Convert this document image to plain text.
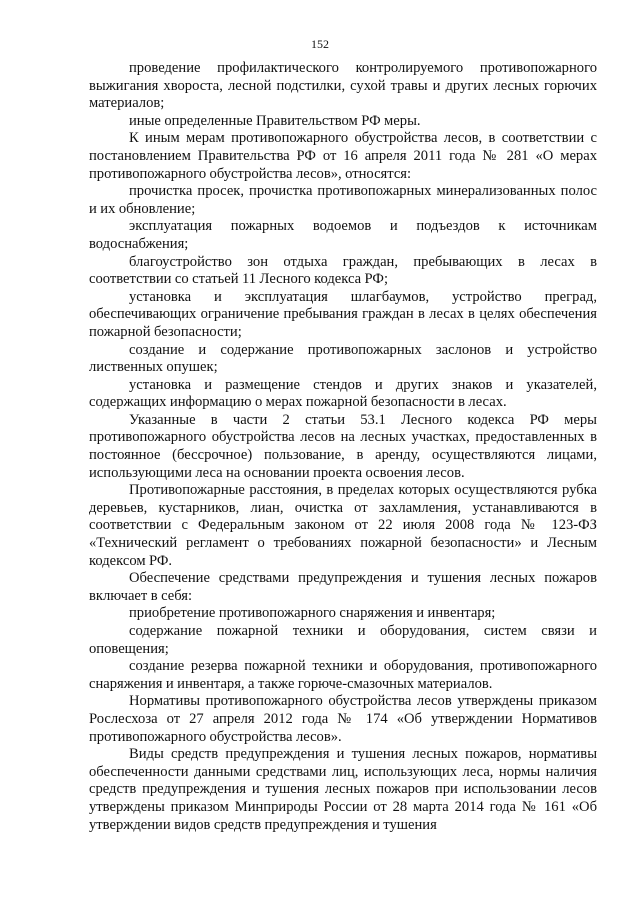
152

проведение профилактического контролируемого противопожарного выжигания хвороста, лесной подстилки, сухой травы и других лесных горючих материалов;

иные определенные Правительством РФ меры.

К иным мерам противопожарного обустройства лесов, в соответствии с постановлением Правительства РФ от 16 апреля 2011 года № 281 «О мерах противопожарного обустройства лесов», относятся:

прочистка просек, прочистка противопожарных минерализованных полос и их обновление;

эксплуатация пожарных водоемов и подъездов к источникам водоснабжения;

благоустройство зон отдыха граждан, пребывающих в лесах в соответствии со статьей 11 Лесного кодекса РФ;

установка и эксплуатация шлагбаумов, устройство преград, обеспечивающих ограничение пребывания граждан в лесах в целях обеспечения пожарной безопасности;

создание и содержание противопожарных заслонов и устройство лиственных опушек;

установка и размещение стендов и других знаков и указателей, содержащих информацию о мерах пожарной безопасности в лесах.

Указанные в части 2 статьи 53.1 Лесного кодекса РФ меры противопожарного обустройства лесов на лесных участках, предоставленных в постоянное (бессрочное) пользование, в аренду, осуществляются лицами, использующими леса на основании проекта освоения лесов.

Противопожарные расстояния, в пределах которых осуществляются рубка деревьев, кустарников, лиан, очистка от захламления, устанавливаются в соответствии с Федеральным законом от 22 июля 2008 года № 123-ФЗ «Технический регламент о требованиях пожарной безопасности» и Лесным кодексом РФ.

Обеспечение средствами предупреждения и тушения лесных пожаров включает в себя:

приобретение противопожарного снаряжения и инвентаря;

содержание пожарной техники и оборудования, систем связи и оповещения;

создание резерва пожарной техники и оборудования, противопожарного снаряжения и инвентаря, а также горюче-смазочных материалов.

Нормативы противопожарного обустройства лесов утверждены приказом Рослесхоза от 27 апреля 2012 года № 174 «Об утверждении Нормативов противопожарного обустройства лесов».

Виды средств предупреждения и тушения лесных пожаров, нормативы обеспеченности данными средствами лиц, использующих леса, нормы наличия средств предупреждения и тушения лесных пожаров при использовании лесов утверждены приказом Минприроды России от 28 марта 2014 года № 161 «Об утверждении видов средств предупреждения и тушения
